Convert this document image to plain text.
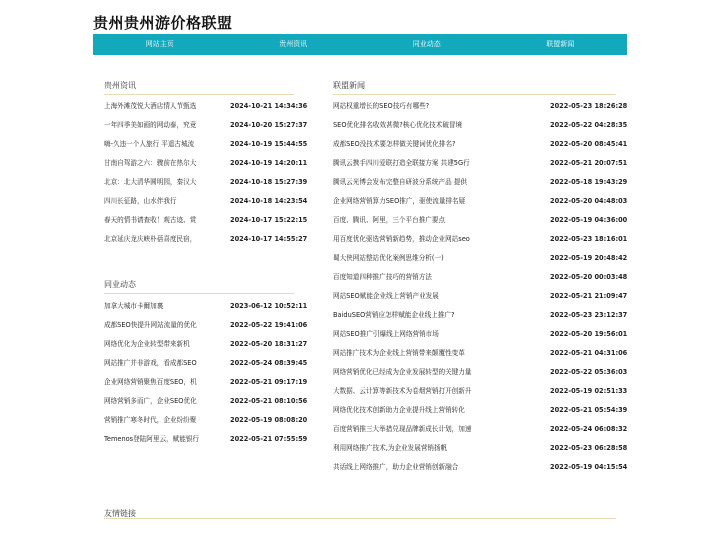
贵州贵州游价格联盟
网站主页	贵州资讯	同业动态	联盟新闻
贵州资讯
上海外滩茂悦大酒店情人节甄选	2024-10-21 14:34:36
一年四季美如画的网动泰，究竟	2024-10-20 15:27:37
嗨-久违一个人旅行 平遥古城流	2024-10-19 15:44:55
甘南自驾游之六：骤前在热尔大	2024-10-19 14:20:11
北京：北大清华圆明园，秦汉大	2024-10-18 15:27:39
四川长征路，山水伴我行	2024-10-18 14:23:54
春天的情书请查收！观古迹、赏	2024-10-17 15:22:15
北京延庆龙庆峡朴蓓喜度民宿，	2024-10-17 14:55:27
同业动态
加拿大城市卡爾加裏	2023-06-12 10:52:11
成都SEO快提升网站流量的优化	2022-05-22 19:41:06
网络优化为企业转型带来新机	2022-05-20 18:31:27
网站推广并非游戏，看成都SEO	2022-05-24 08:39:45
企业网络营销聚焦百度SEO，机	2022-05-21 09:17:19
网络营销多而广，企业SEO优化	2022-05-21 08:10:56
营销推广寒冬时代，企业纷纷聚	2022-05-19 08:08:20
Temenos登陆阿里云，赋能银行	2022-05-21 07:55:59
联盟新闻
网站权重增长的SEO技巧有哪些?	2022-05-23 18:26:28
SEO优化排名收效甚微?核心优化技术破冒境	2022-05-22 04:28:35
成都SEO没技术要怎样做关键词优化排名?	2022-05-20 08:45:41
腾讯云携手四川爱联打造全联接方案 共建5G行	2022-05-21 20:07:51
腾讯云光博会发布完整自研波分系统产品 提供	2022-05-18 19:43:29
企业网络营销算力SEO推广，驱使流量排名疑	2022-05-20 04:48:03
百度、腾讯、阿里，三个平台推广要点	2022-05-19 04:36:00
用百度优化驱选营销新趋势，推动企业网站seo	2022-05-23 18:16:01
蜀大侠网站整站优化案例思维分析(一)	2022-05-19 20:48:42
百度知道四种推广技巧的营销方法	2022-05-20 00:03:48
网站SEO赋能企业线上营销产业发展	2022-05-21 21:09:47
BaiduSEO营销应怎样赋能企业线上推广?	2022-05-23 23:12:37
网站SEO推广引爆线上网络营销市场	2022-05-20 19:56:01
网站推广技术为企业线上营销带来颠覆性变革	2022-05-21 04:31:06
网络营销优化已经成为企业发展转型的关键力量	2022-05-22 05:36:03
大数据、云计算等新技术为卷烟营销打开创新升	2022-05-19 02:51:33
网络优化技术创新助力企业提升线上营销转化	2022-05-21 05:54:39
百度营销推三大举措兑现品牌新成长计划，加速	2022-05-24 06:08:32
利用网络推广技术,为企业发展营销扬帆	2022-05-23 06:28:58
共话线上网络推广，助力企业营销创新融合	2022-05-19 04:15:54
友情链接
